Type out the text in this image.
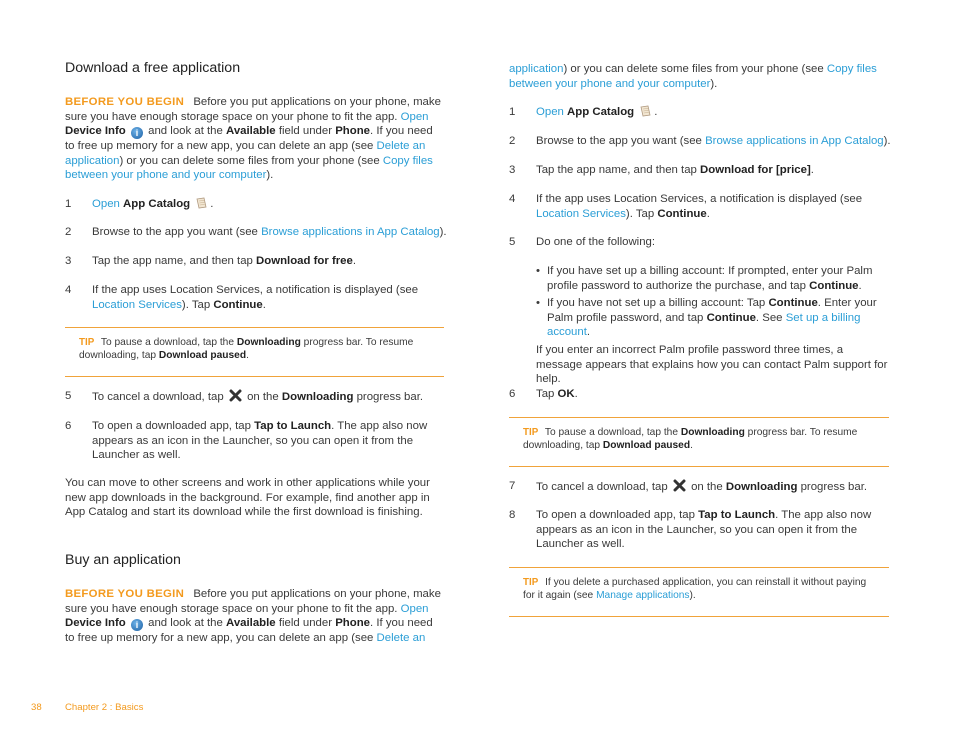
Download a free application
BEFORE YOU BEGIN Before you put applications on your phone, make sure you have enough storage space on your phone to fit the app. Open
Device Info i and look at the Available field under Phone. If you need to free up memory for a new app, you can delete an app (see Delete an application) or you can delete some files from your phone (see Copy files between your phone and your computer).
1 Open App Catalog .
2 Browse to the app you want (see Browse applications in App Catalog).
3 Tap the app name, and then tap Download for free.
4 If the app uses Location Services, a notification is displayed (see Location Services). Tap Continue.
TIP To pause a download, tap the Downloading progress bar. To resume downloading, tap Download paused.
5 To cancel a download, tap on the Downloading progress bar.
6 To open a downloaded app, tap Tap to Launch. The app also now appears as an icon in the Launcher, so you can open it from the Launcher as well.
You can move to other screens and work in other applications while your new app downloads in the background. For example, find another app in App Catalog and start its download while the first download is finishing.
Buy an application
BEFORE YOU BEGIN Before you put applications on your phone, make sure you have enough storage space on your phone to fit the app. Open
Device Info i and look at the Available field under Phone. If you need to free up memory for a new app, you can delete an app (see Delete an
application) or you can delete some files from your phone (see Copy files between your phone and your computer).
1 Open App Catalog .
2 Browse to the app you want (see Browse applications in App Catalog).
3 Tap the app name, and then tap Download for [price].
4 If the app uses Location Services, a notification is displayed (see Location Services). Tap Continue.
5 Do one of the following:
• If you have set up a billing account: If prompted, enter your Palm profile password to authorize the purchase, and tap Continue.
• If you have not set up a billing account: Tap Continue. Enter your Palm profile password, and tap Continue. See Set up a billing account.
If you enter an incorrect Palm profile password three times, a message appears that explains how you can contact Palm support for help.
6 Tap OK.
TIP To pause a download, tap the Downloading progress bar. To resume downloading, tap Download paused.
7 To cancel a download, tap on the Downloading progress bar.
8 To open a downloaded app, tap Tap to Launch. The app also now appears as an icon in the Launcher, so you can open it from the Launcher as well.
TIP If you delete a purchased application, you can reinstall it without paying for it again (see Manage applications).
38 Chapter 2 : Basics
